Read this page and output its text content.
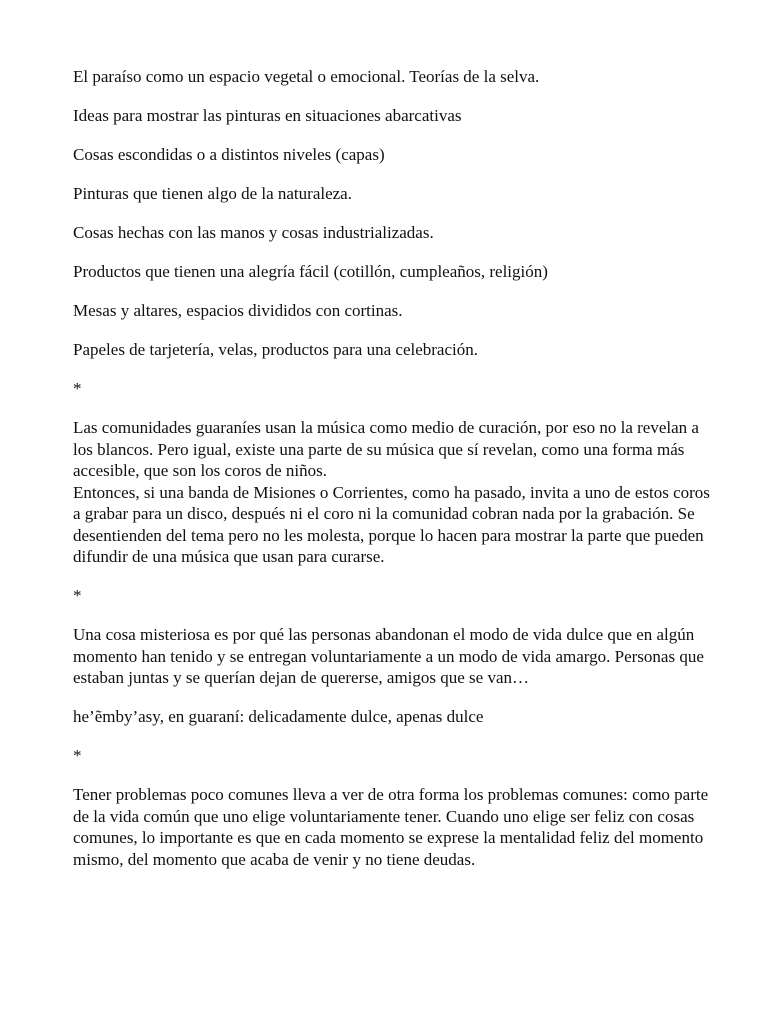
El paraíso como un espacio vegetal o emocional. Teorías de la selva.

Ideas para mostrar las pinturas en situaciones abarcativas

Cosas escondidas o a distintos niveles (capas)

Pinturas que tienen algo de la naturaleza.

Cosas hechas con las manos y cosas industrializadas.

Productos que tienen una alegría fácil (cotillón, cumpleaños, religión)

Mesas y altares, espacios divididos con cortinas.

Papeles de tarjetería, velas, productos para una celebración.

*

Las comunidades guaraníes usan la música como medio de curación, por eso no la revelan a los blancos. Pero igual, existe una parte de su música que sí revelan, como una forma más accesible, que son los coros de niños.

Entonces, si una banda de Misiones o Corrientes, como ha pasado, invita a uno de estos coros a grabar para un disco, después ni el coro ni la comunidad cobran nada por la grabación. Se desentienden del tema pero no les molesta, porque lo hacen para mostrar la parte que pueden difundir de una música que usan para curarse.

*

Una cosa misteriosa es por qué las personas abandonan el modo de vida dulce que en algún momento han tenido y se entregan voluntariamente a un modo de vida amargo. Personas que estaban juntas y se querían dejan de quererse, amigos que se van…

he’ẽmby’asy, en guaraní: delicadamente dulce, apenas dulce

*

Tener problemas poco comunes lleva a ver de otra forma los problemas comunes: como parte de la vida común que uno elige voluntariamente tener. Cuando uno elige ser feliz con cosas comunes, lo importante es que en cada momento se exprese la mentalidad feliz del momento mismo, del momento que acaba de venir y no tiene deudas.
